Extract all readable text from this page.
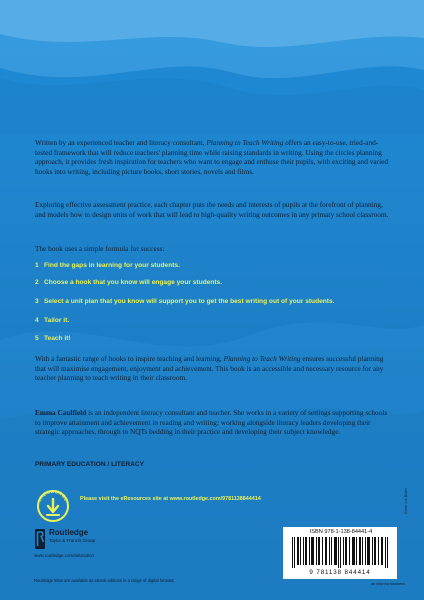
Written by an experienced teacher and literacy consultant, Planning to Teach Writing offers an easy-to-use, tried-and-tested framework that will reduce teachers' planning time while raising standards in writing. Using the circles planning approach, it provides fresh inspiration for teachers who want to engage and enthuse their pupils, with exciting and varied hooks into writing, including picture books, short stories, novels and films.

Exploring effective assessment practice, each chapter puts the needs and interests of pupils at the forefront of planning, and models how to design units of work that will lead to high-quality writing outcomes in any primary school classroom.

The book uses a simple formula for success:

1 Find the gaps in learning for your students.
2 Choose a hook that you know will engage your students.
3 Select a unit plan that you know will support you to get the best writing out of your students.
4 Tailor it.
5 Teach it!

With a fantastic range of hooks to inspire teaching and learning, Planning to Teach Writing ensures successful planning that will maximise engagement, enjoyment and achievement. This book is an accessible and necessary resource for any teacher planning to teach writing in their classroom.

Emma Caulfield is an independent literacy consultant and teacher. She works in a variety of settings supporting schools to improve attainment and achievement in reading and writing; working alongside literacy leaders developing their strategic approaches, through to NQTs bedding in their practice and developing their subject knowledge.

PRIMARY EDUCATION / LITERACY
eRESOURCE Please visit the eResources site at www.routledge.com/9781138844414
Routledge
Taylor & Francis Group
www.routledge.com/education
Routledge titles are available as eBook editions in a range of digital formats
ISBN 978-1-138-84441-4
9 781138 844414
an informa business
Cover Lor Bixen
